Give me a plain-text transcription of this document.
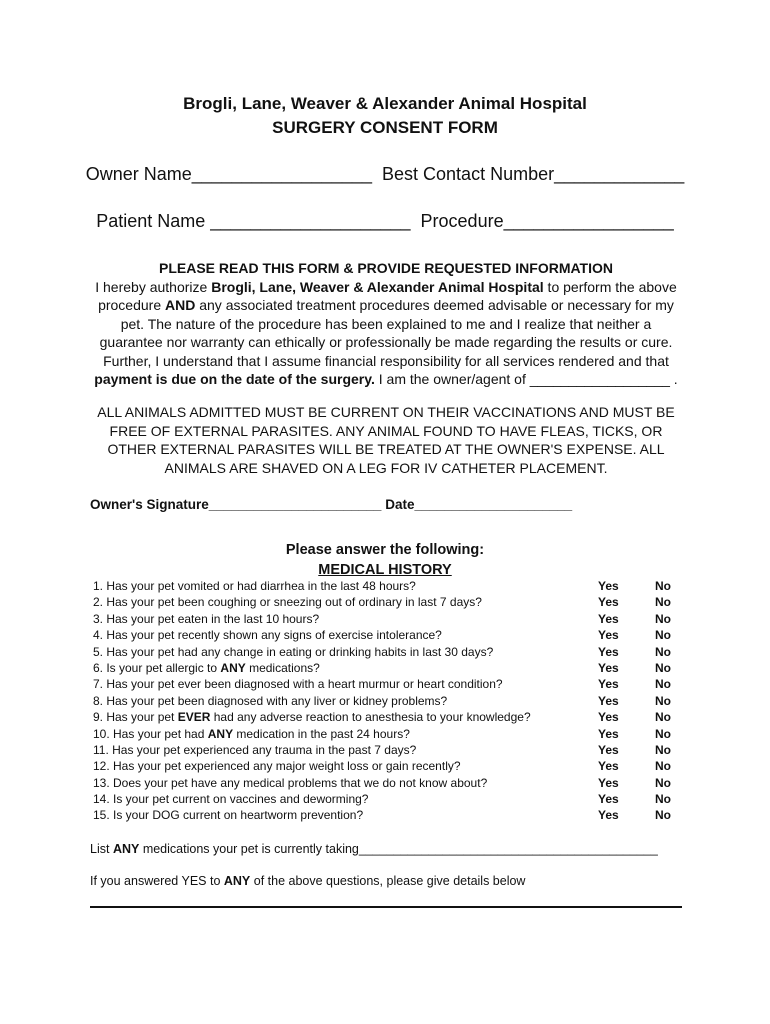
Brogli, Lane, Weaver & Alexander Animal Hospital
SURGERY CONSENT FORM
Owner Name__________________ Best Contact Number_____________
Patient Name ____________________ Procedure_________________
PLEASE READ THIS FORM & PROVIDE REQUESTED INFORMATION
I hereby authorize Brogli, Lane, Weaver & Alexander Animal Hospital to perform the above
procedure AND any associated treatment procedures deemed advisable or necessary for my
pet. The nature of the procedure has been explained to me and I realize that neither a
guarantee nor warranty can ethically or professionally be made regarding the results or cure.
Further, I understand that I assume financial responsibility for all services rendered and that
payment is due on the date of the surgery. I am the owner/agent of __________________ .
ALL ANIMALS ADMITTED MUST BE CURRENT ON THEIR VACCINATIONS AND MUST BE
FREE OF EXTERNAL PARASITES. ANY ANIMAL FOUND TO HAVE FLEAS, TICKS, OR
OTHER EXTERNAL PARASITES WILL BE TREATED AT THE OWNER'S EXPENSE. ALL
ANIMALS ARE SHAVED ON A LEG FOR IV CATHETER PLACEMENT.
Owner's Signature_______________________ Date_____________________
Please answer the following:
MEDICAL HISTORY
1. Has your pet vomited or had diarrhea in the last 48 hours?	Yes	No
2. Has your pet been coughing or sneezing out of ordinary in last 7 days?	Yes	No
3. Has your pet eaten in the last 10 hours?	Yes	No
4. Has your pet recently shown any signs of exercise intolerance?	Yes	No
5. Has your pet had any change in eating or drinking habits in last 30 days?	Yes	No
6. Is your pet allergic to ANY medications?	Yes	No
7. Has your pet ever been diagnosed with a heart murmur or heart condition?	Yes	No
8. Has your pet been diagnosed with any liver or kidney problems?	Yes	No
9. Has your pet EVER had any adverse reaction to anesthesia to your knowledge?	Yes	No
10. Has your pet had ANY medication in the past 24 hours?	Yes	No
11. Has your pet experienced any trauma in the past 7 days?	Yes	No
12. Has your pet experienced any major weight loss or gain recently?	Yes	No
13. Does your pet have any medical problems that we do not know about?	Yes	No
14. Is your pet current on vaccines and deworming?	Yes	No
15. Is your DOG current on heartworm prevention?	Yes	No
List ANY medications your pet is currently taking___________________________________________
If you answered YES to ANY of the above questions, please give details below
